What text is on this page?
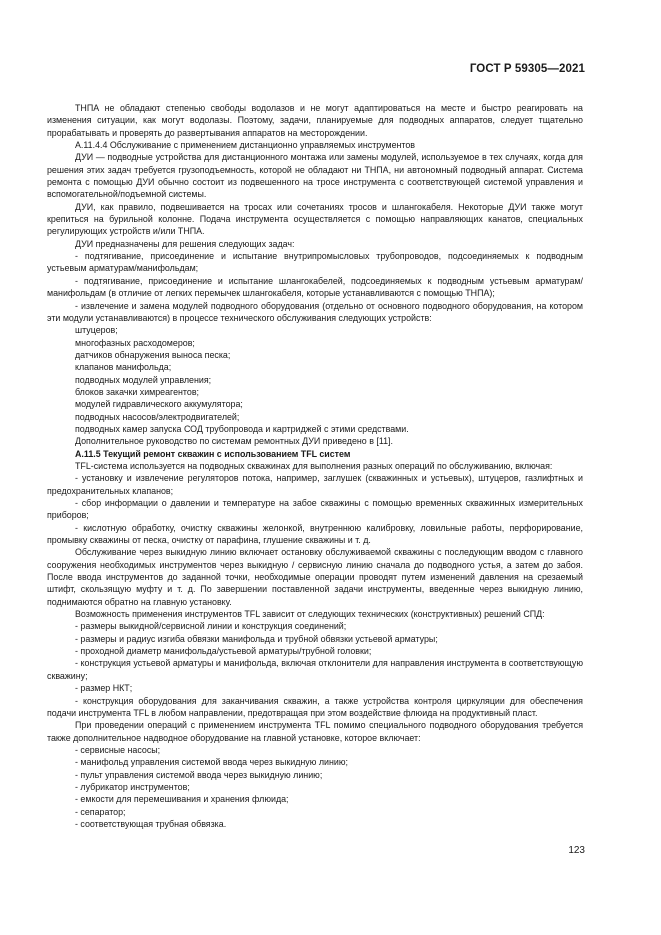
ГОСТ Р 59305—2021

ТНПА не обладают степенью свободы водолазов и не могут адаптироваться на месте и быстро реагировать на изменения ситуации, как могут водолазы. Поэтому, задачи, планируемые для подводных аппаратов, следует тщательно прорабатывать и проверять до развертывания аппаратов на месторождении.

А.11.4.4 Обслуживание с применением дистанционно управляемых инструментов

ДУИ — подводные устройства для дистанционного монтажа или замены модулей, используемое в тех случаях, когда для решения этих задач требуется грузоподъемность, которой не обладают ни ТНПА, ни автономный подводный аппарат. Система ремонта с помощью ДУИ обычно состоит из подвешенного на тросе инструмента с соответствующей системой управления и вспомогательной/подъемной системы.

ДУИ, как правило, подвешивается на тросах или сочетаниях тросов и шлангокабеля. Некоторые ДУИ также могут крепиться на бурильной колонне. Подача инструмента осуществляется с помощью направляющих канатов, специальных регулирующих устройств и/или ТНПА.

ДУИ предназначены для решения следующих задач:

- подтягивание, присоединение и испытание внутрипромысловых трубопроводов, подсоединяемых к подводным устьевым арматурам/манифольдам;

- подтягивание, присоединение и испытание шлангокабелей, подсоединяемых к подводным устьевым арматурам/манифольдам (в отличие от легких перемычек шлангокабеля, которые устанавливаются с помощью ТНПА);

- извлечение и замена модулей подводного оборудования (отдельно от основного подводного оборудования, на котором эти модули устанавливаются) в процессе технического обслуживания следующих устройств:

штуцеров;

многофазных расходомеров;

датчиков обнаружения выноса песка;

клапанов манифольда;

подводных модулей управления;

блоков закачки химреагентов;

модулей гидравлического аккумулятора;

подводных насосов/электродвигателей;

подводных камер запуска СОД трубопровода и картриджей с этими средствами.

Дополнительное руководство по системам ремонтных ДУИ приведено в [11].

А.11.5 Текущий ремонт скважин с использованием TFL систем

TFL-система используется на подводных скважинах для выполнения разных операций по обслуживанию, включая:

- установку и извлечение регуляторов потока, например, заглушек (скважинных и устьевых), штуцеров, газлифтных и предохранительных клапанов;

- сбор информации о давлении и температуре на забое скважины с помощью временных скважинных измерительных приборов;

- кислотную обработку, очистку скважины желонкой, внутреннюю калибровку, ловильные работы, перфорирование, промывку скважины от песка, очистку от парафина, глушение скважины и т. д.

Обслуживание через выкидную линию включает остановку обслуживаемой скважины с последующим вводом с главного сооружения необходимых инструментов через выкидную / сервисную линию сначала до подводного устья, а затем до забоя. После ввода инструментов до заданной точки, необходимые операции проводят путем изменений давления на срезаемый штифт, скользящую муфту и т. д. По завершении поставленной задачи инструменты, введенные через выкидную линию, поднимаются обратно на главную установку.

Возможность применения инструментов TFL зависит от следующих технических (конструктивных) решений СПД:

- размеры выкидной/сервисной линии и конструкция соединений;

- размеры и радиус изгиба обвязки манифольда и трубной обвязки устьевой арматуры;

- проходной диаметр манифольда/устьевой арматуры/трубной головки;

- конструкция устьевой арматуры и манифольда, включая отклонители для направления инструмента в соответствующую скважину;

- размер НКТ;

- конструкция оборудования для заканчивания скважин, а также устройства контроля циркуляции для обеспечения подачи инструмента TFL в любом направлении, предотвращая при этом воздействие флюида на продуктивный пласт.

При проведении операций с применением инструмента TFL помимо специального подводного оборудования требуется также дополнительное надводное оборудование на главной установке, которое включает:

- сервисные насосы;

- манифольд управления системой ввода через выкидную линию;

- пульт управления системой ввода через выкидную линию;

- лубрикатор инструментов;

- емкости для перемешивания и хранения флюида;

- сепаратор;

- соответствующая трубная обвязка.

123
